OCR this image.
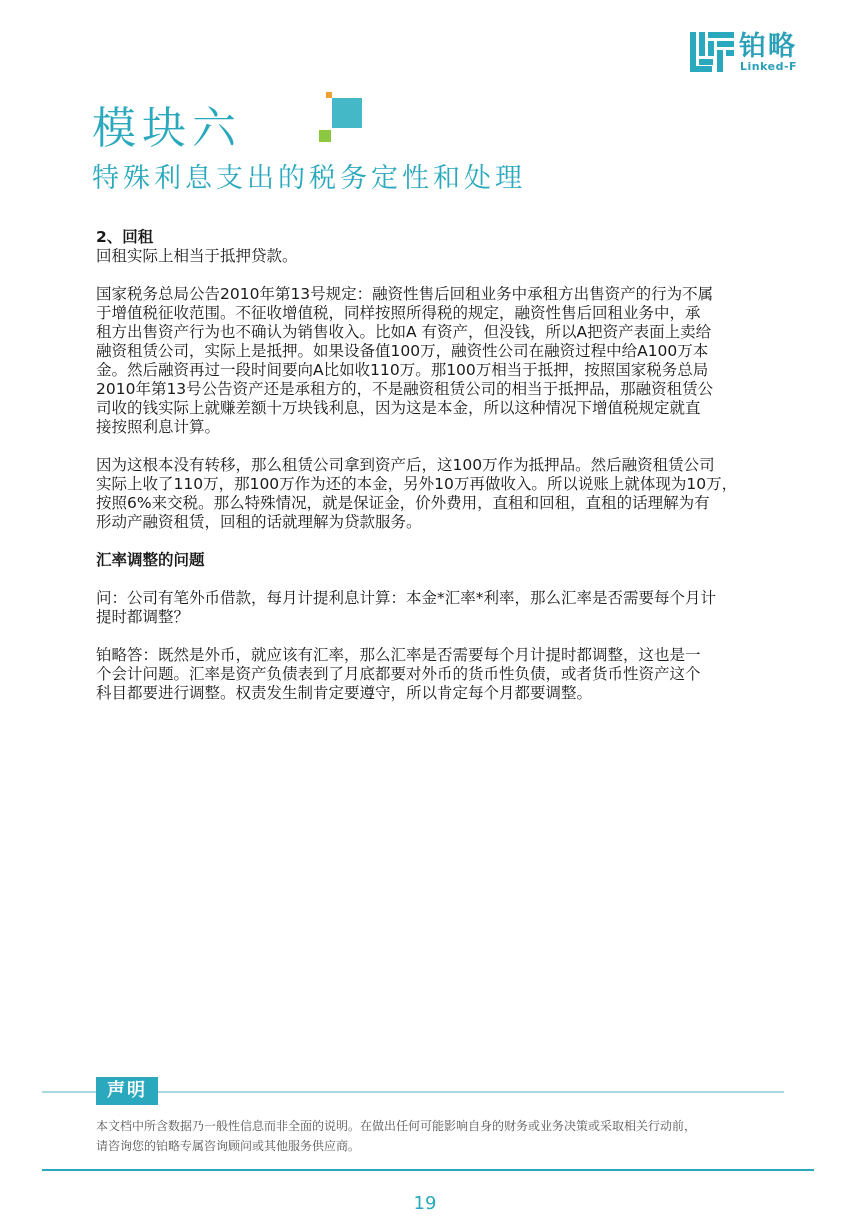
铂略
Linked-F
模块六
特殊利息支出的税务定性和处理

2、回租

回租实际上相当于抵押贷款。

国家税务总局公告2010年第13号规定：融资性售后回租业务中承租方出售资产的行为不属

于增值税征收范围。不征收增值税，同样按照所得税的规定，融资性售后回租业务中，承

租方出售资产行为也不确认为销售收入。比如A 有资产，但没钱，所以A把资产表面上卖给

融资租赁公司，实际上是抵押。如果设备值100万，融资性公司在融资过程中给A100万本

金。然后融资再过一段时间要向A比如收110万。那100万相当于抵押，按照国家税务总局

2010年第13号公告资产还是承租方的，不是融资租赁公司的相当于抵押品，那融资租赁公

司收的钱实际上就赚差额十万块钱利息，因为这是本金，所以这种情况下增值税规定就直

接按照利息计算。

因为这根本没有转移，那么租赁公司拿到资产后，这100万作为抵押品。然后融资租赁公司

实际上收了110万，那100万作为还的本金，另外10万再做收入。所以说账上就体现为10万，

按照6%来交税。那么特殊情况，就是保证金，价外费用，直租和回租，直租的话理解为有

形动产融资租赁，回租的话就理解为贷款服务。

汇率调整的问题

问：公司有笔外币借款，每月计提利息计算：本金*汇率*利率，那么汇率是否需要每个月计

提时都调整？

铂略答：既然是外币，就应该有汇率，那么汇率是否需要每个月计提时都调整，这也是一

个会计问题。汇率是资产负债表到了月底都要对外币的货币性负债，或者货币性资产这个

科目都要进行调整。权责发生制肯定要遵守，所以肯定每个月都要调整。

声明
本文档中所含数据乃一般性信息而非全面的说明。在做出任何可能影响自身的财务或业务决策或采取相关行动前，
请咨询您的铂略专属咨询顾问或其他服务供应商。
19
